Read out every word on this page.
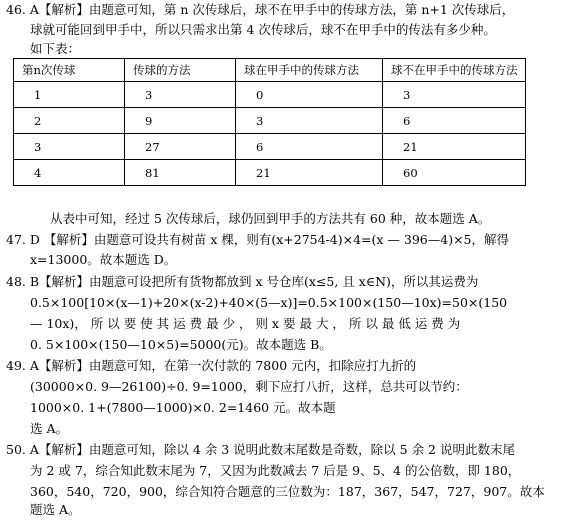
46. A【解析】由题意可知，第 n 次传球后，球不在甲手中的传球方法，第 n+1 次传球后，
球就可能回到甲手中，所以只需求出第 4 次传球后，球不在甲手中的传法有多少种。
如下表：
第n次传球	传球的方法	球在甲手中的传球方法	球不在甲手中的传球方法
1	3	0	3
2	9	3	6
3	27	6	21
4	81	21	60
从表中可知，经过 5 次传球后，球仍回到甲手的方法共有 60 种，故本题选 A。
47. D 【解析】由题意可设共有树苗 x 棵，则有(x+2754-4)×4=(x — 396—4)×5，解得
x=13000。故本题选 D。
48. B【解析】由题意可设把所有货物都放到 x 号仓库(x≤5, 且 x∈N)，所以其运费为
0.5×100[10×(x—1)+20×(x-2)+40×(5—x)]=0.5×100×(150—10x)=50×(150
— 10x)， 所 以 要 使 其 运 费 最 少 ， 则 x 要 最 大 ， 所 以 最 低 运 费 为
0. 5×100×(150—10×5)=5000(元)。故本题选 B。
49. A【解析】由题意可知，在第一次付款的 7800 元内，扣除应打九折的
(30000×0. 9—26100)÷0. 9=1000，剩下应打八折，这样，总共可以节约：
1000×0. 1+(7800—1000)×0. 2=1460 元。故本题
选 A。
50. A【解析】由题意可知，除以 4 余 3 说明此数末尾数是奇数，除以 5 余 2 说明此数末尾
为 2 或 7，综合知此数末尾为 7，又因为此数减去 7 后是 9、5、4 的公倍数，即 180，
360，540，720，900，综合知符合题意的三位数为：187，367，547，727，907。故本
题选 A。
